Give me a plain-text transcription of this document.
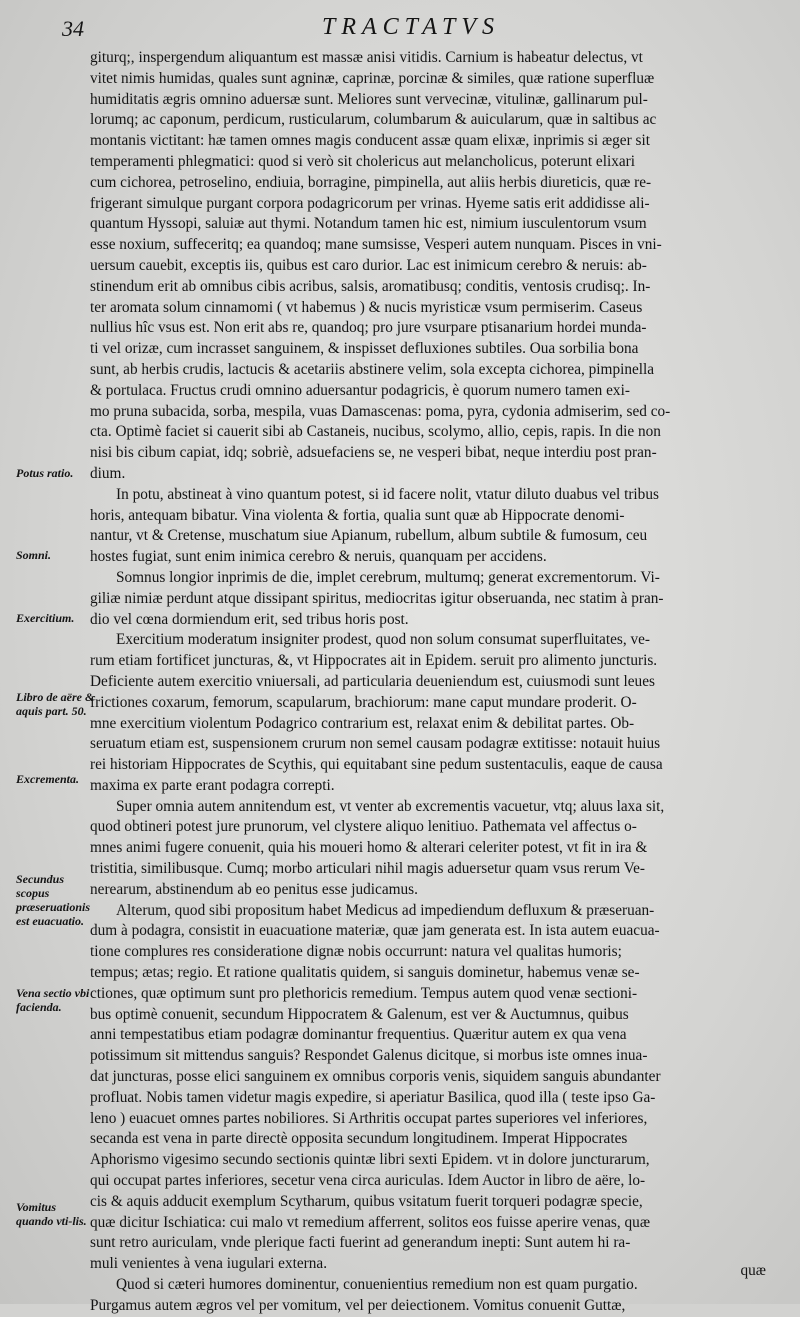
34	TRACTATVS
giturq;, inspergendum aliquantum est massæ anisi vitidis. Carnium is habeatur delectus, vt
vitet nimis humidas, quales sunt agninæ, caprinæ, porcinæ & similes, quæ ratione superfluæ
humiditatis ægris omnino aduersæ sunt. Meliores sunt vervecinæ, vitulinæ, gallinarum pul-
lorumq; ac caponum, perdicum, rusticularum, columbarum & auicularum, quæ in saltibus ac
montanis victitant: hæ tamen omnes magis conducent assæ quam elixæ, inprimis si æger sit
temperamenti phlegmatici: quod si verò sit cholericus aut melancholicus, poterunt elixari
cum cichorea, petroselino, endiuia, borragine, pimpinella, aut aliis herbis diureticis, quæ re-
frigerant simulque purgant corpora podagricorum per vrinas. Hyeme satis erit addidisse ali-
quantum Hyssopi, saluiæ aut thymi. Notandum tamen hic est, nimium iusculentorum vsum
esse noxium, suffeceritq; ea quandoq; mane sumsisse, Vesperi autem nunquam. Pisces in vni-
uersum cauebit, exceptis iis, quibus est caro durior. Lac est inimicum cerebro & neruis: ab-
stinendum erit ab omnibus cibis acribus, salsis, aromatibusq; conditis, ventosis crudisq;. In-
ter aromata solum cinnamomi ( vt habemus ) & nucis myristicæ vsum permiserim. Caseus
nullius hîc vsus est. Non erit abs re, quandoq; pro jure vsurpare ptisanarium hordei munda-
ti vel orizæ, cum incrasset sanguinem, & inspisset defluxiones subtiles. Oua sorbilia bona
sunt, ab herbis crudis, lactucis & acetariis abstinere velim, sola excepta cichorea, pimpinella
& portulaca. Fructus crudi omnino aduersantur podagricis, è quorum numero tamen exi-
mo pruna subacida, sorba, mespila, vuas Damascenas: poma, pyra, cydonia admiserim, sed co-
cta. Optimè faciet si cauerit sibi ab Castaneis, nucibus, scolymo, allio, cepis, rapis. In die non
nisi bis cibum capiat, idq; sobriè, adsuefaciens se, ne vesperi bibat, neque interdiu post pran-
dium.
In potu, abstineat à vino quantum potest, si id facere nolit, vtatur diluto duabus vel tribus
horis, antequam bibatur. Vina violenta & fortia, qualia sunt quæ ab Hippocrate denomi-
nantur, vt & Cretense, muschatum siue Apianum, rubellum, album subtile & fumosum, ceu
hostes fugiat, sunt enim inimica cerebro & neruis, quanquam per accidens.
Somnus longior inprimis de die, implet cerebrum, multumq; generat excrementorum. Vi-
giliæ nimiæ perdunt atque dissipant spiritus, mediocritas igitur obseruanda, nec statim à pran-
dio vel cœna dormiendum erit, sed tribus horis post.
Exercitium moderatum insigniter prodest, quod non solum consumat superfluitates, ve-
rum etiam fortificet juncturas, &, vt Hippocrates ait in Epidem. seruit pro alimento juncturis.
Deficiente autem exercitio vniuersali, ad particularia deueniendum est, cuiusmodi sunt leues
frictiones coxarum, femorum, scapularum, brachiorum: mane caput mundare proderit. O-
mne exercitium violentum Podagrico contrarium est, relaxat enim & debilitat partes. Ob-
seruatum etiam est, suspensionem crurum non semel causam podagræ extitisse: notauit huius
rei historiam Hippocrates de Scythis, qui equitabant sine pedum sustentaculis, eaque de causa
maxima ex parte erant podagra correpti.
Super omnia autem annitendum est, vt venter ab excrementis vacuetur, vtq; aluus laxa sit,
quod obtineri potest jure prunorum, vel clystere aliquo lenitiuo. Pathemata vel affectus o-
mnes animi fugere conuenit, quia his moueri homo & alterari celeriter potest, vt fit in ira &
tristitia, similibusque. Cumq; morbo articulari nihil magis aduersetur quam vsus rerum Ve-
nerearum, abstinendum ab eo penitus esse judicamus.
Alterum, quod sibi propositum habet Medicus ad impediendum defluxum & præseruan-
dum à podagra, consistit in euacuatione materiæ, quæ jam generata est. In ista autem euacua-
tione complures res consideratione dignæ nobis occurrunt: natura vel qualitas humoris;
tempus; ætas; regio. Et ratione qualitatis quidem, si sanguis dominetur, habemus venæ se-
ctiones, quæ optimum sunt pro plethoricis remedium. Tempus autem quod venæ sectioni-
bus optimè conuenit, secundum Hippocratem & Galenum, est ver & Auctumnus, quibus
anni tempestatibus etiam podagræ dominantur frequentius. Quæritur autem ex qua vena
potissimum sit mittendus sanguis? Respondet Galenus dicitque, si morbus iste omnes inua-
dat juncturas, posse elici sanguinem ex omnibus corporis venis, siquidem sanguis abundanter
profluat. Nobis tamen videtur magis expedire, si aperiatur Basilica, quod illa ( teste ipso Ga-
leno ) euacuet omnes partes nobiliores. Si Arthritis occupat partes superiores vel inferiores,
secanda est vena in parte directè opposita secundum longitudinem. Imperat Hippocrates
Aphorismo vigesimo secundo sectionis quintæ libri sexti Epidem. vt in dolore juncturarum,
qui occupat partes inferiores, secetur vena circa auriculas. Idem Auctor in libro de aëre, lo-
cis & aquis adducit exemplum Scytharum, quibus vsitatum fuerit torqueri podagræ specie,
quæ dicitur Ischiatica: cui malo vt remedium afferrent, solitos eos fuisse aperire venas, quæ
sunt retro auriculam, vnde plerique facti fuerint ad generandum inepti: Sunt autem hi ra-
muli venientes à vena iugulari externa.
Quod si cæteri humores dominentur, conuenientius remedium non est quam purgatio.
Purgamus autem ægros vel per vomitum, vel per deiectionem. Vomitus conuenit Guttæ,
quæ
Potus ratio.
Somni.
Exercitium.
Libro de aëre & aquis part. 50.
Excrementa.
Secundus scopus præseruationis est euacuatio.
Vena sectio vbi facienda.
Vomitus quando vti-lis.
